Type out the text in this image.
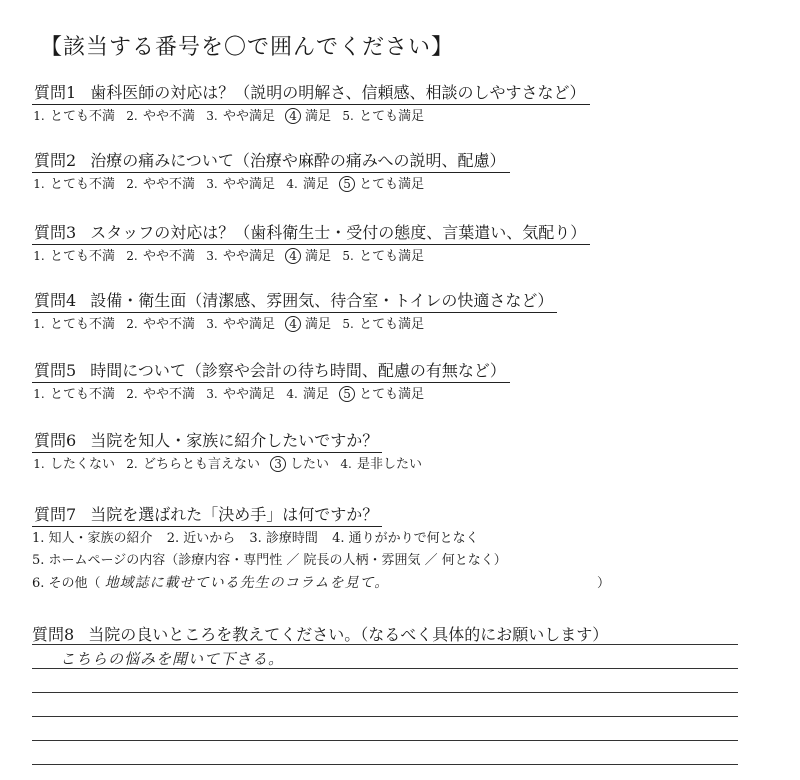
【該当する番号を〇で囲んでください】
質問1 歯科医師の対応は？（説明の明解さ、信頼感、相談のしやすさなど）
1. とても不満 2. やや不満 3. やや満足 4 満足 5. とても満足
質問2 治療の痛みについて（治療や麻酔の痛みへの説明、配慮）
1. とても不満 2. やや不満 3. やや満足 4. 満足 5 とても満足
質問3 スタッフの対応は？（歯科衛生士・受付の態度、言葉遣い、気配り）
1. とても不満 2. やや不満 3. やや満足 4 満足 5. とても満足
質問4 設備・衛生面（清潔感、雰囲気、待合室・トイレの快適さなど）
1. とても不満 2. やや不満 3. やや満足 4 満足 5. とても満足
質問5 時間について（診察や会計の待ち時間、配慮の有無など）
1. とても不満 2. やや不満 3. やや満足 4. 満足 5 とても満足
質問6 当院を知人・家族に紹介したいですか？
1. したくない 2. どちらとも言えない 3 したい 4. 是非したい
質問7 当院を選ばれた「決め手」は何ですか？
1. 知人・家族の紹介 2. 近いから 3. 診療時間 4. 通りがかりで何となく
5. ホームページの内容（診療内容・専門性 ／ 院長の人柄・雰囲気 ／ 何となく）
6. その他（ 地域誌に載せている先生のコラムを見て。	）
質問8 当院の良いところを教えてください。（なるべく具体的にお願いします）
こちらの悩みを聞いて下さる。
